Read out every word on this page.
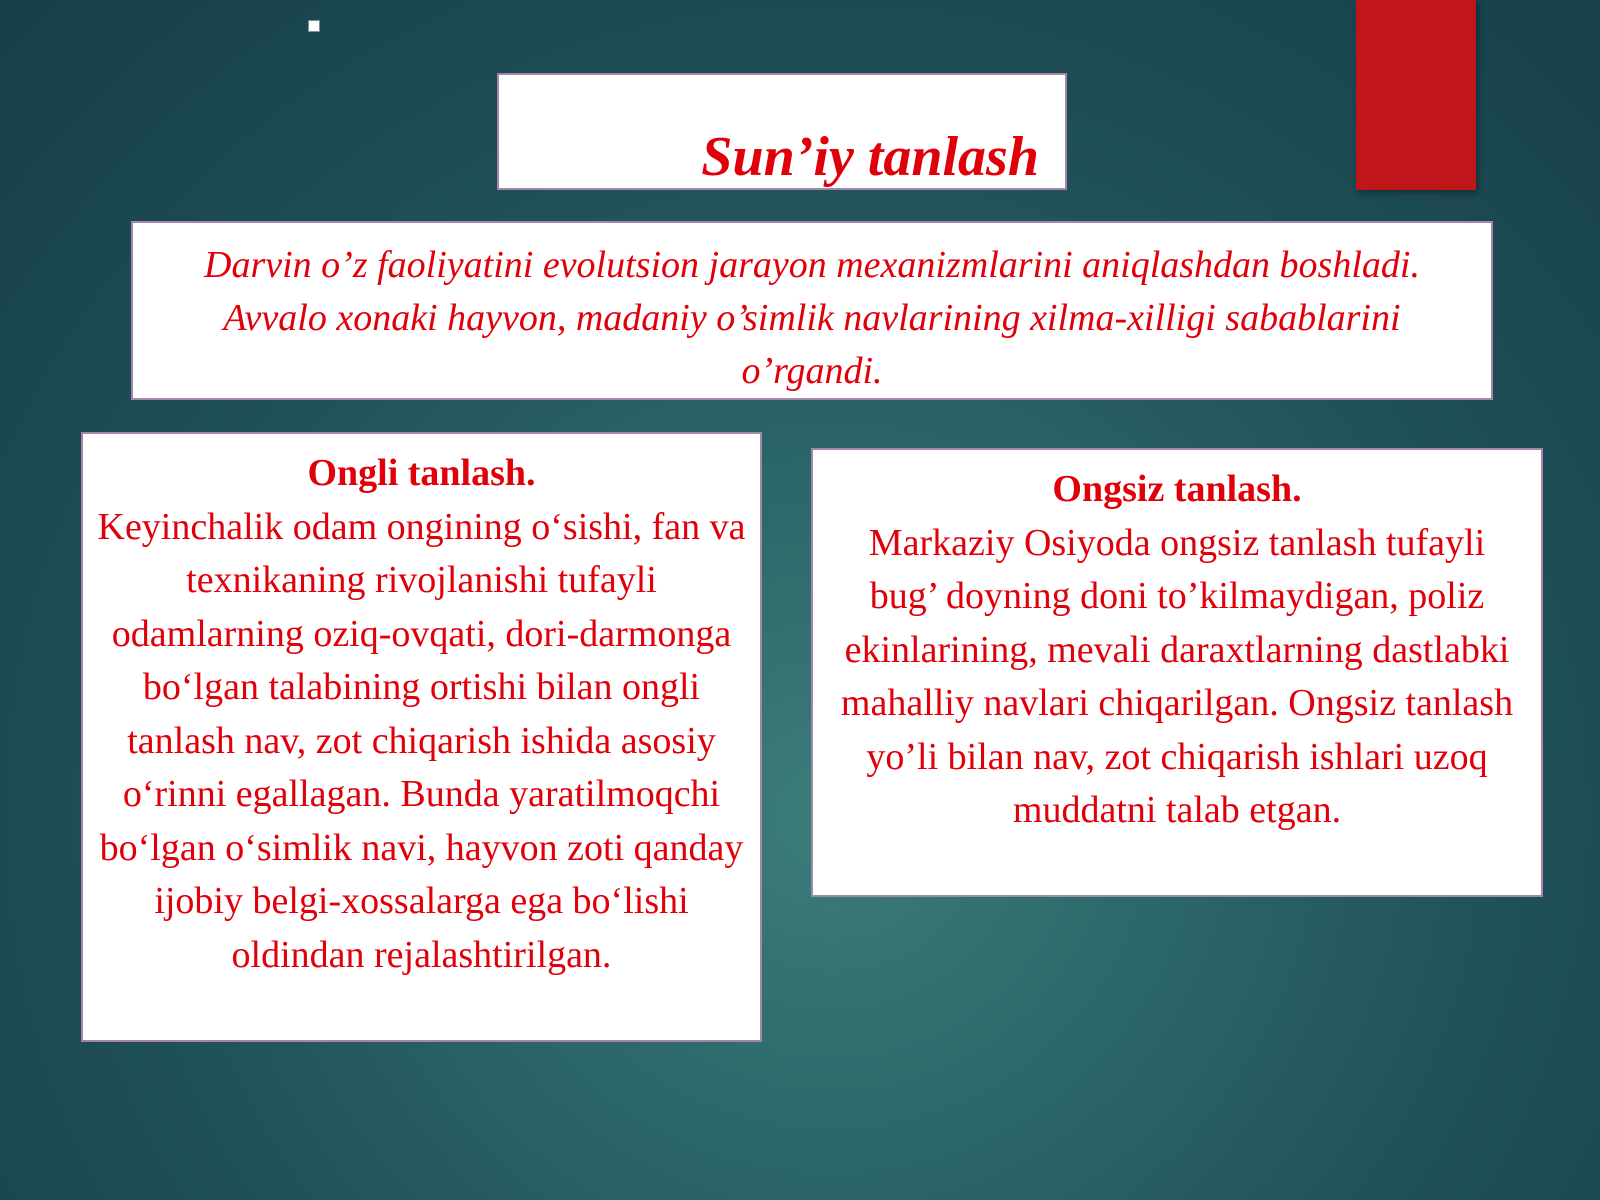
Sun’iy tanlash
Darvin o’z faoliyatini evolutsion jarayon mexanizmlarini aniqlashdan boshladi. Avvalo xonaki hayvon, madaniy o’simlik navlarining xilma-xilligi sabablarini o’rgandi.
Ongli tanlash.
Keyinchalik odam ongining o‘sishi, fan va texnikaning rivojlanishi tufayli odamlarning oziq-ovqati, dori-darmonga bo‘lgan talabining ortishi bilan ongli tanlash nav, zot chiqarish ishida asosiy o‘rinni egallagan. Bunda yaratilmoqchi bo‘lgan o‘simlik navi, hayvon zoti qanday ijobiy belgi-xossalarga ega bo‘lishi oldindan rejalashtirilgan.
Ongsiz tanlash.
Markaziy Osiyoda ongsiz tanlash tufayli bug’ doyning doni to’kilmaydigan, poliz ekinlarining, mevali daraxtlarning dastlabki mahalliy navlari chiqarilgan. Ongsiz tanlash yo’li bilan nav, zot chiqarish ishlari uzoq muddatni talab etgan.
